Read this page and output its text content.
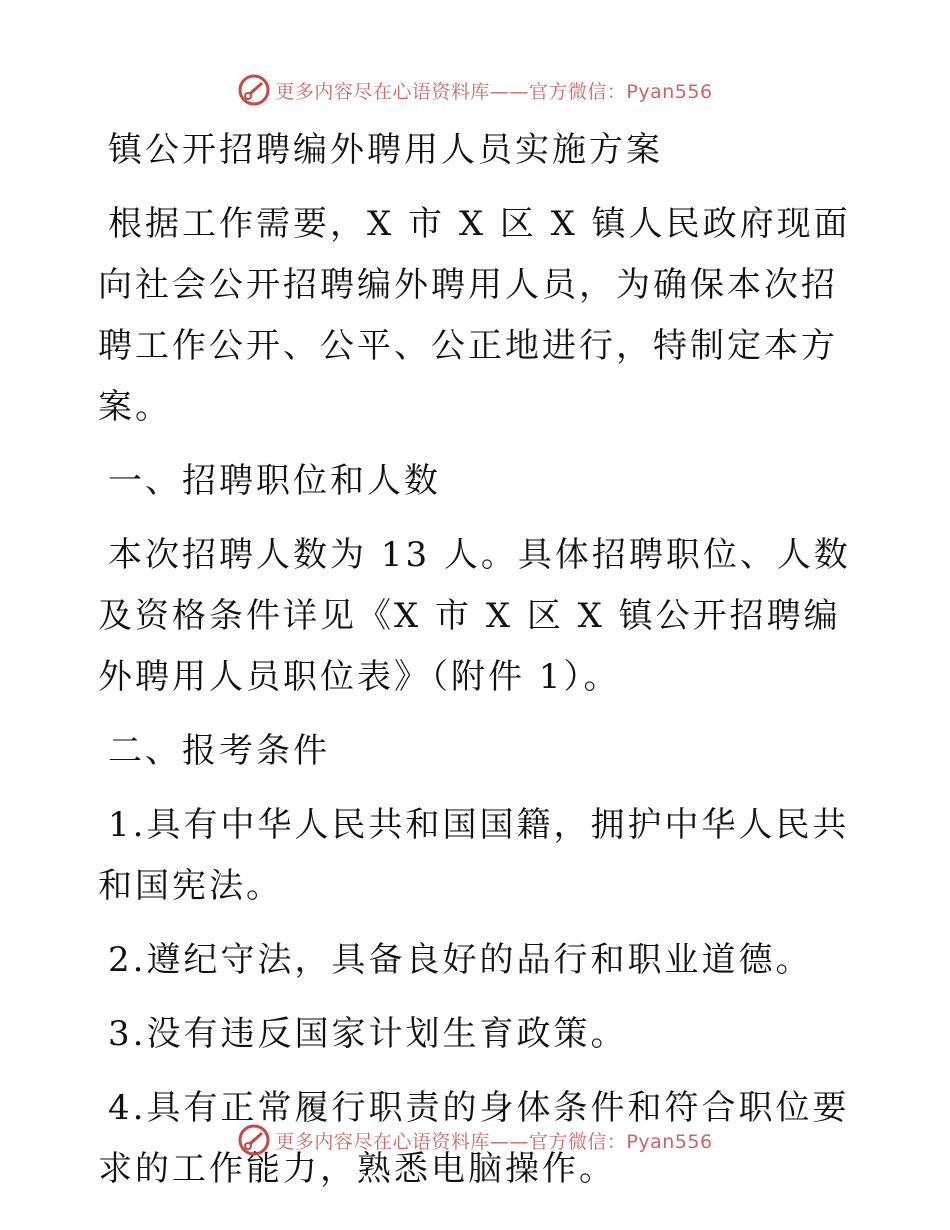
更多内容尽在心语资料库——官方微信：Pyan556

镇公开招聘编外聘用人员实施方案

根据工作需要，X 市 X 区 X 镇人民政府现面向社会公开招聘编外聘用人员，为确保本次招聘工作公开、公平、公正地进行，特制定本方案。

一、招聘职位和人数

本次招聘人数为 13 人。具体招聘职位、人数及资格条件详见《X 市 X 区 X 镇公开招聘编外聘用人员职位表》（附件 1）。

二、报考条件

1.具有中华人民共和国国籍，拥护中华人民共和国宪法。

2.遵纪守法，具备良好的品行和职业道德。

3.没有违反国家计划生育政策。

4.具有正常履行职责的身体条件和符合职位要求的工作能力，熟悉电脑操作。

更多内容尽在心语资料库——官方微信：Pyan556
